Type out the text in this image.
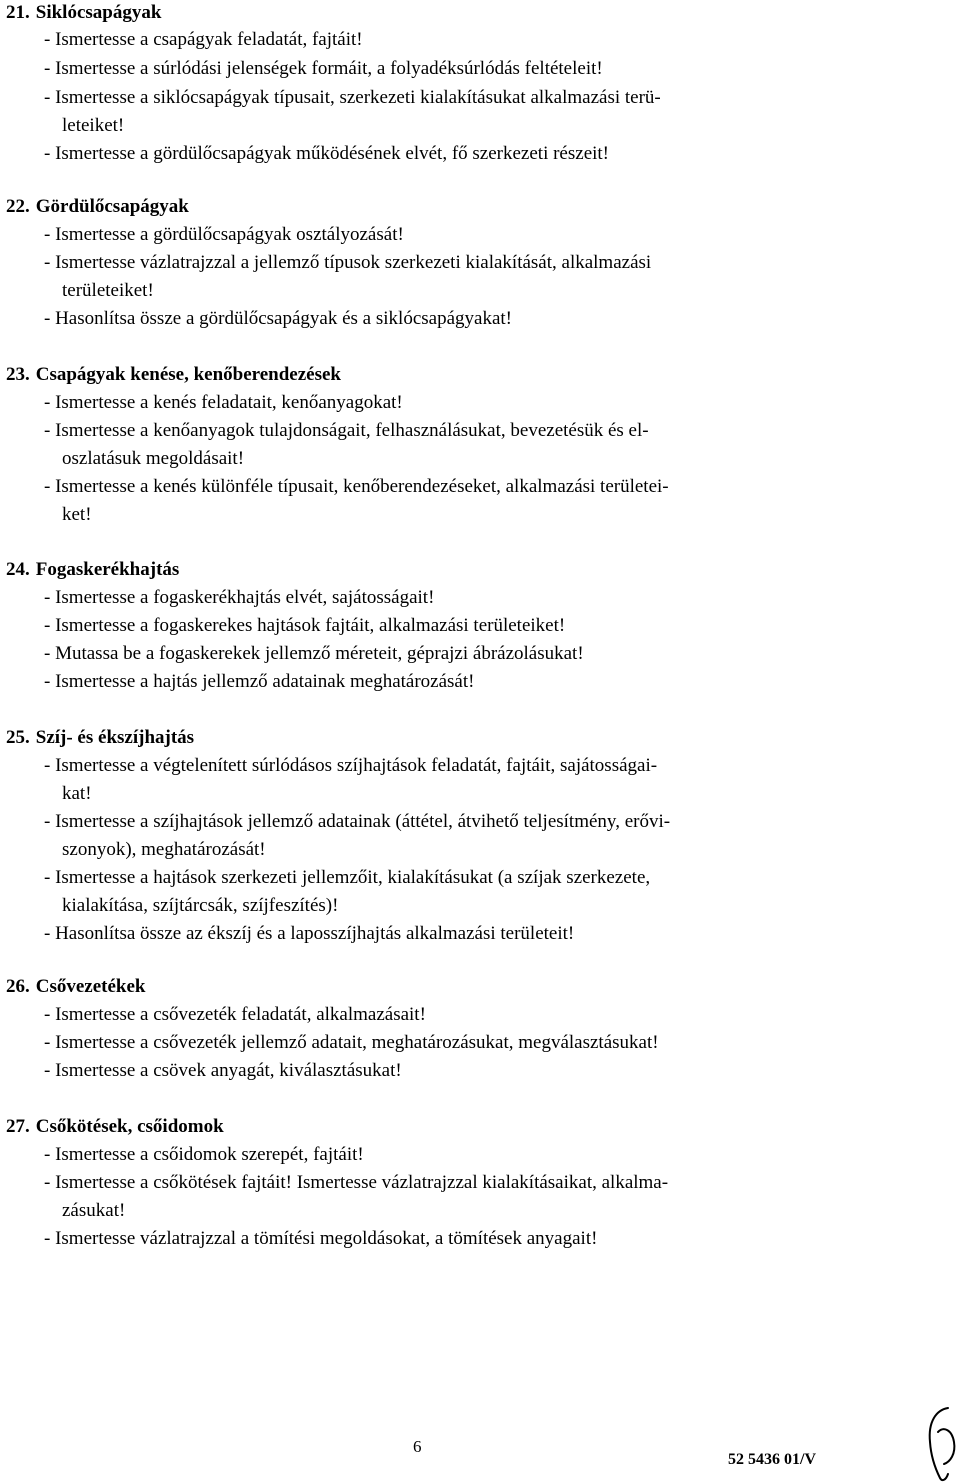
21. Siklócsapágyak
- Ismertesse a csapágyak feladatát, fajtáit!
- Ismertesse a súrlódási jelenségek formáit, a folyadéksúrlódás feltételeit!
- Ismertesse a siklócsapágyak típusait, szerkezeti kialakításukat alkalmazási terü-
leteiket!
- Ismertesse a gördülőcsapágyak működésének elvét, fő szerkezeti részeit!
22. Gördülőcsapágyak
- Ismertesse a gördülőcsapágyak osztályozását!
- Ismertesse vázlatrajzzal a jellemző típusok szerkezeti kialakítását, alkalmazási
területeiket!
- Hasonlítsa össze a gördülőcsapágyak és a siklócsapágyakat!
23. Csapágyak kenése, kenőberendezések
- Ismertesse a kenés feladatait, kenőanyagokat!
- Ismertesse a kenőanyagok tulajdonságait, felhasználásukat, bevezetésük és el-
oszlatásuk megoldásait!
- Ismertesse a kenés különféle típusait, kenőberendezéseket, alkalmazási területei-
ket!
24. Fogaskerékhajtás
- Ismertesse a fogaskerékhajtás elvét, sajátosságait!
- Ismertesse a fogaskerekes hajtások fajtáit, alkalmazási területeiket!
- Mutassa be a fogaskerekek jellemző méreteit, géprajzi ábrázolásukat!
- Ismertesse a hajtás jellemző adatainak meghatározását!
25. Szíj- és ékszíjhajtás
- Ismertesse a végtelenített súrlódásos szíjhajtások feladatát, fajtáit, sajátosságai-
kat!
- Ismertesse a szíjhajtások jellemző adatainak (áttétel, átvihető teljesítmény, erővi-
szonyok), meghatározását!
- Ismertesse a hajtások szerkezeti jellemzőit, kialakításukat (a szíjak szerkezete,
kialakítása, szíjtárcsák, szíjfeszítés)!
- Hasonlítsa össze az ékszíj és a laposszíjhajtás alkalmazási területeit!
26. Csővezetékek
- Ismertesse a csővezeték feladatát, alkalmazásait!
- Ismertesse a csővezeték jellemző adatait, meghatározásukat, megválasztásukat!
- Ismertesse a csövek anyagát, kiválasztásukat!
27. Csőkötések, csőidomok
- Ismertesse a csőidomok szerepét, fajtáit!
- Ismertesse a csőkötések fajtáit! Ismertesse vázlatrajzzal kialakításaikat, alkalma-
zásukat!
- Ismertesse vázlatrajzzal a tömítési megoldásokat, a tömítések anyagait!
6
52 5436 01/V
